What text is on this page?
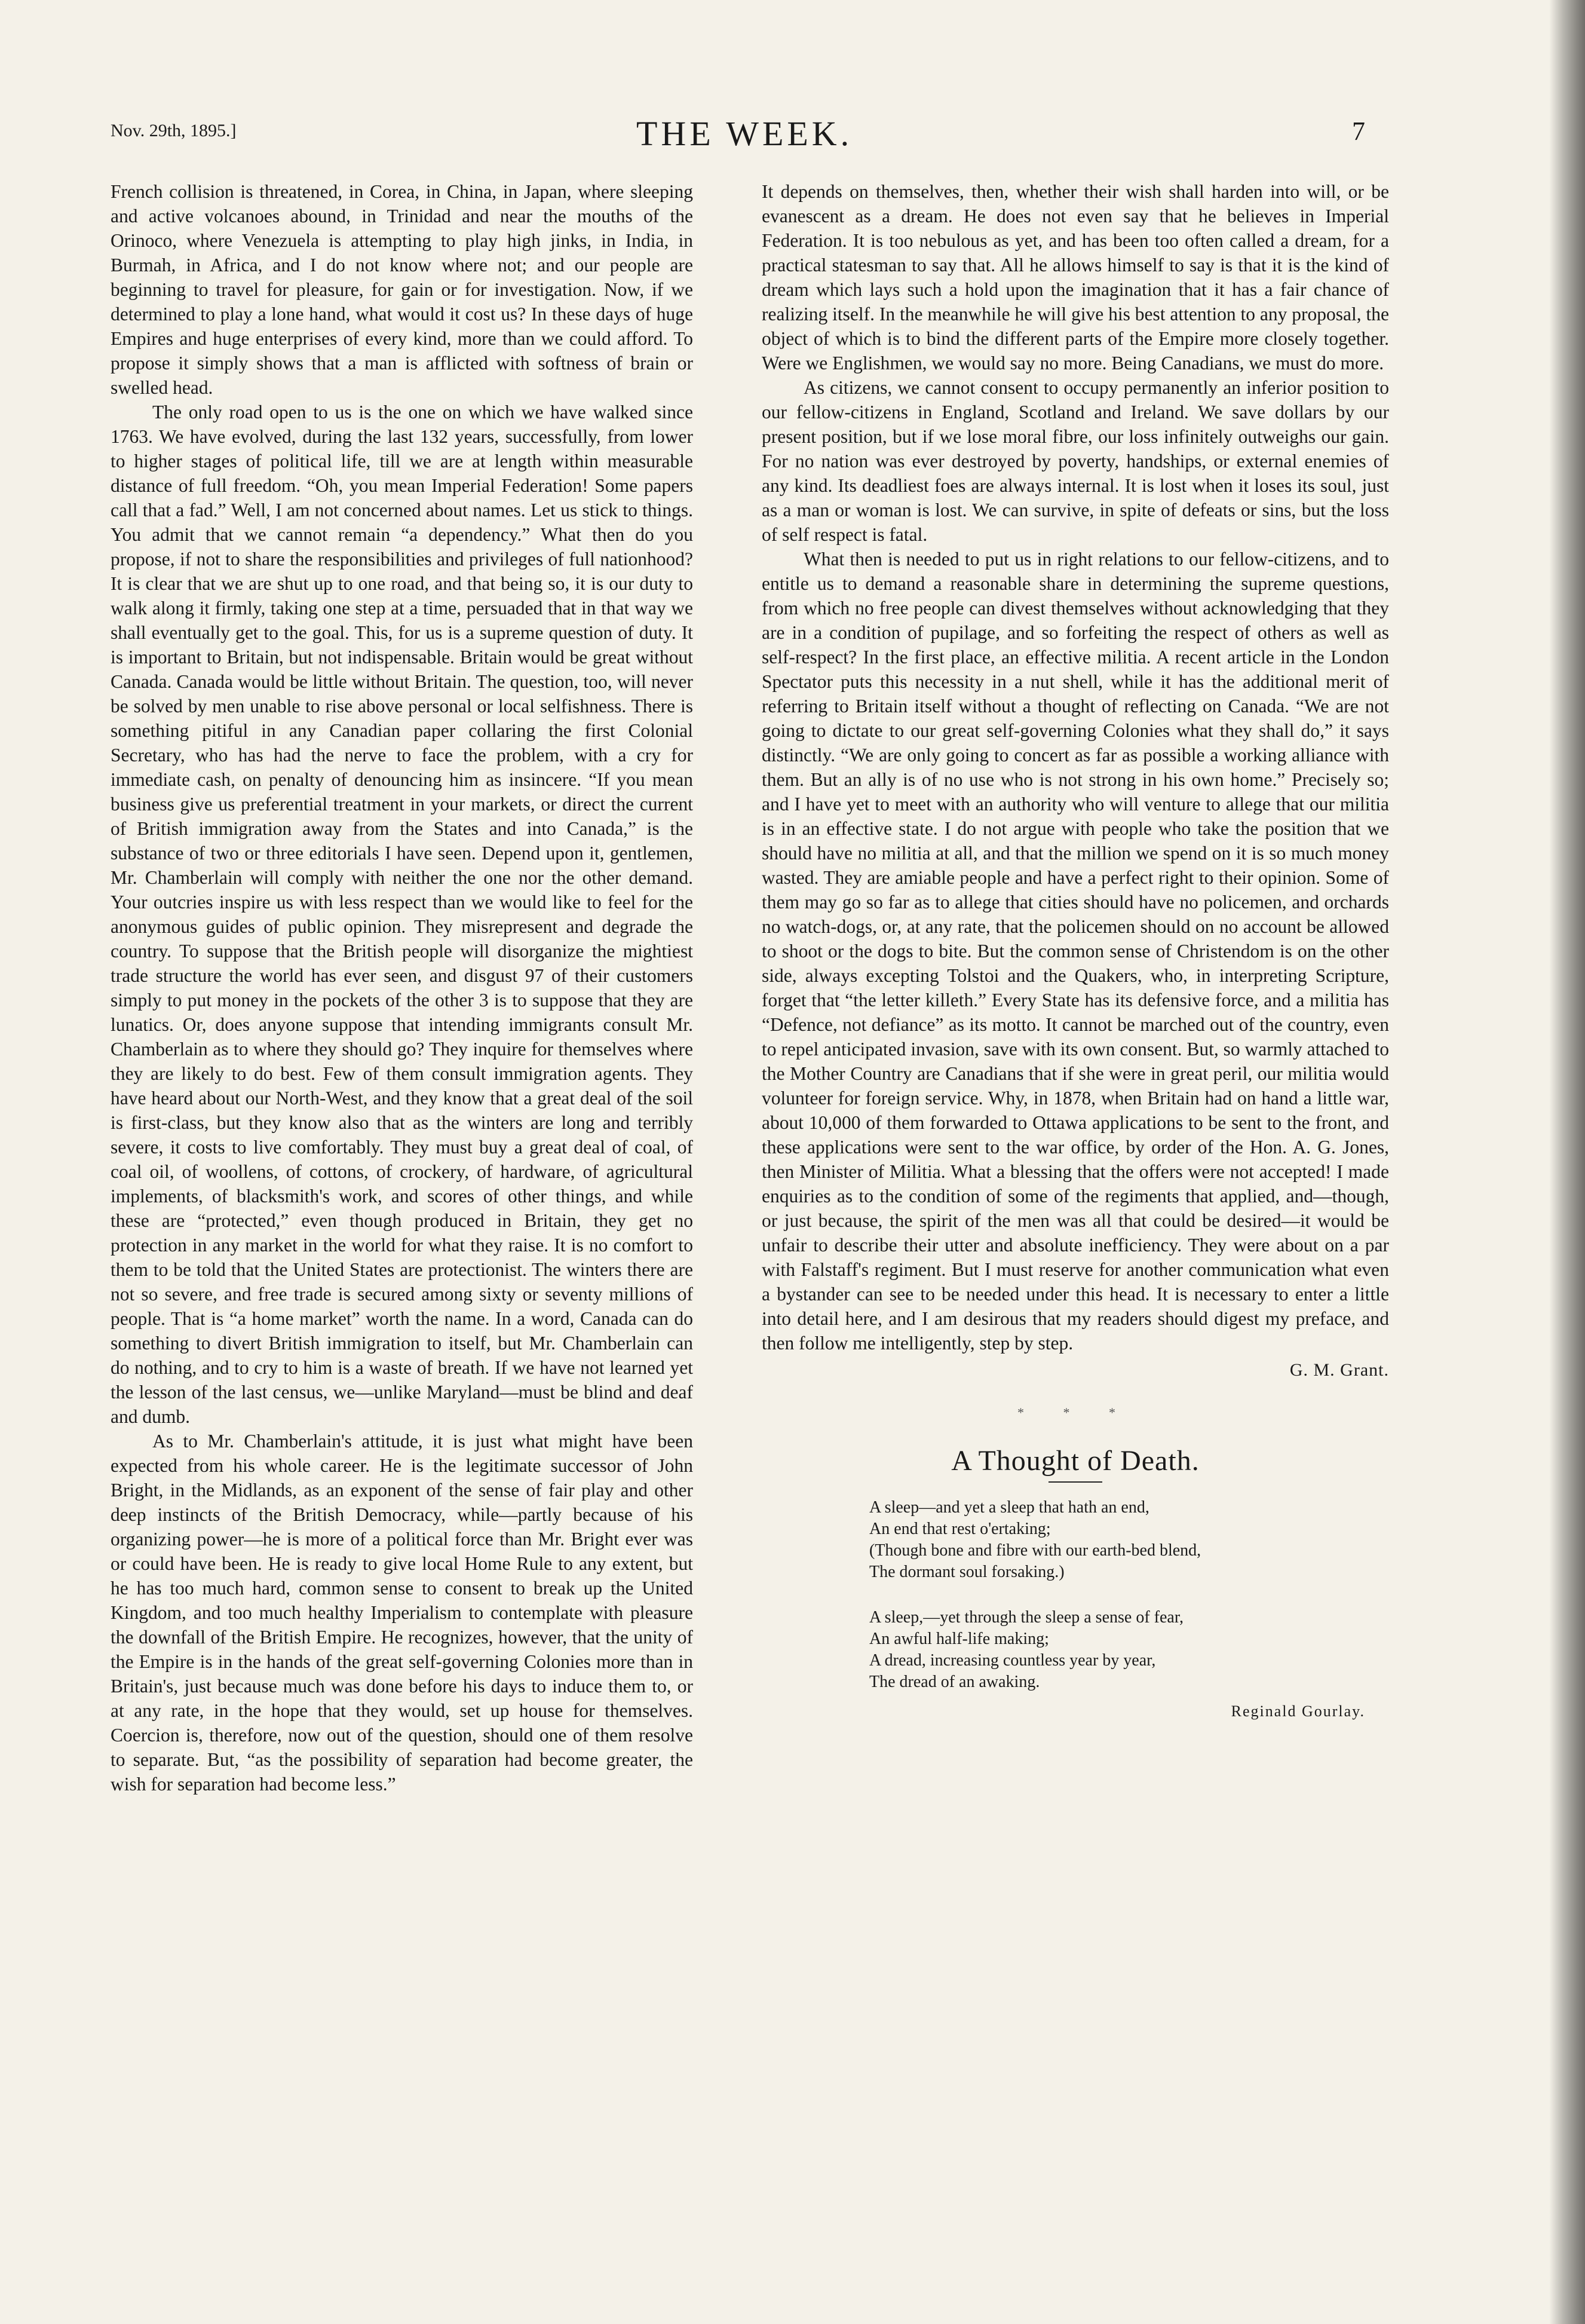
Nov. 29th, 1895.]	THE WEEK.	7

French collision is threatened, in Corea, in China, in Japan, where sleeping and active volcanoes abound, in Trinidad and near the mouths of the Orinoco, where Venezuela is attempting to play high jinks, in India, in Burmah, in Africa, and I do not know where not; and our people are beginning to travel for pleasure, for gain or for investigation. Now, if we determined to play a lone hand, what would it cost us? In these days of huge Empires and huge enterprises of every kind, more than we could afford. To propose it simply shows that a man is afflicted with softness of brain or swelled head.

The only road open to us is the one on which we have walked since 1763. We have evolved, during the last 132 years, successfully, from lower to higher stages of political life, till we are at length within measurable distance of full freedom. “Oh, you mean Imperial Federation! Some papers call that a fad.” Well, I am not concerned about names. Let us stick to things. You admit that we cannot remain “a dependency.” What then do you propose, if not to share the responsibilities and privileges of full nationhood? It is clear that we are shut up to one road, and that being so, it is our duty to walk along it firmly, taking one step at a time, persuaded that in that way we shall eventually get to the goal. This, for us is a supreme question of duty. It is important to Britain, but not indispensable. Britain would be great without Canada. Canada would be little without Britain. The question, too, will never be solved by men unable to rise above personal or local selfishness. There is something pitiful in any Canadian paper collaring the first Colonial Secretary, who has had the nerve to face the problem, with a cry for immediate cash, on penalty of denouncing him as insincere. “If you mean business give us preferential treatment in your markets, or direct the current of British immigration away from the States and into Canada,” is the substance of two or three editorials I have seen. Depend upon it, gentlemen, Mr. Chamberlain will comply with neither the one nor the other demand. Your outcries inspire us with less respect than we would like to feel for the anonymous guides of public opinion. They misrepresent and degrade the country. To suppose that the British people will disorganize the mightiest trade structure the world has ever seen, and disgust 97 of their customers simply to put money in the pockets of the other 3 is to suppose that they are lunatics. Or, does anyone suppose that intending immigrants consult Mr. Chamberlain as to where they should go? They inquire for themselves where they are likely to do best. Few of them consult immigration agents. They have heard about our North-West, and they know that a great deal of the soil is first-class, but they know also that as the winters are long and terribly severe, it costs to live comfortably. They must buy a great deal of coal, of coal oil, of woollens, of cottons, of crockery, of hardware, of agricultural implements, of blacksmith's work, and scores of other things, and while these are “protected,” even though produced in Britain, they get no protection in any market in the world for what they raise. It is no comfort to them to be told that the United States are protectionist. The winters there are not so severe, and free trade is secured among sixty or seventy millions of people. That is “a home market” worth the name. In a word, Canada can do something to divert British immigration to itself, but Mr. Chamberlain can do nothing, and to cry to him is a waste of breath. If we have not learned yet the lesson of the last census, we—unlike Maryland—must be blind and deaf and dumb.

As to Mr. Chamberlain's attitude, it is just what might have been expected from his whole career. He is the legitimate successor of John Bright, in the Midlands, as an exponent of the sense of fair play and other deep instincts of the British Democracy, while—partly because of his organizing power—he is more of a political force than Mr. Bright ever was or could have been. He is ready to give local Home Rule to any extent, but he has too much hard, common sense to consent to break up the United Kingdom, and too much healthy Imperialism to contemplate with pleasure the downfall of the British Empire. He recognizes, however, that the unity of the Empire is in the hands of the great self-governing Colonies more than in Britain's, just because much was done before his days to induce them to, or at any rate, in the hope that they would, set up house for themselves. Coercion is, therefore, now out of the question, should one of them resolve to separate. But, “as the possibility of separation had become greater, the wish for separation had become less.”

It depends on themselves, then, whether their wish shall harden into will, or be evanescent as a dream. He does not even say that he believes in Imperial Federation. It is too nebulous as yet, and has been too often called a dream, for a practical statesman to say that. All he allows himself to say is that it is the kind of dream which lays such a hold upon the imagination that it has a fair chance of realizing itself. In the meanwhile he will give his best attention to any proposal, the object of which is to bind the different parts of the Empire more closely together. Were we Englishmen, we would say no more. Being Canadians, we must do more.

As citizens, we cannot consent to occupy permanently an inferior position to our fellow-citizens in England, Scotland and Ireland. We save dollars by our present position, but if we lose moral fibre, our loss infinitely outweighs our gain. For no nation was ever destroyed by poverty, handships, or external enemies of any kind. Its deadliest foes are always internal. It is lost when it loses its soul, just as a man or woman is lost. We can survive, in spite of defeats or sins, but the loss of self respect is fatal.

What then is needed to put us in right relations to our fellow-citizens, and to entitle us to demand a reasonable share in determining the supreme questions, from which no free people can divest themselves without acknowledging that they are in a condition of pupilage, and so forfeiting the respect of others as well as self-respect? In the first place, an effective militia. A recent article in the London Spectator puts this necessity in a nut shell, while it has the additional merit of referring to Britain itself without a thought of reflecting on Canada. “We are not going to dictate to our great self-governing Colonies what they shall do,” it says distinctly. “We are only going to concert as far as possible a working alliance with them. But an ally is of no use who is not strong in his own home.” Precisely so; and I have yet to meet with an authority who will venture to allege that our militia is in an effective state. I do not argue with people who take the position that we should have no militia at all, and that the million we spend on it is so much money wasted. They are amiable people and have a perfect right to their opinion. Some of them may go so far as to allege that cities should have no policemen, and orchards no watch-dogs, or, at any rate, that the policemen should on no account be allowed to shoot or the dogs to bite. But the common sense of Christendom is on the other side, always excepting Tolstoi and the Quakers, who, in interpreting Scripture, forget that “the letter killeth.” Every State has its defensive force, and a militia has “Defence, not defiance” as its motto. It cannot be marched out of the country, even to repel anticipated invasion, save with its own consent. But, so warmly attached to the Mother Country are Canadians that if she were in great peril, our militia would volunteer for foreign service. Why, in 1878, when Britain had on hand a little war, about 10,000 of them forwarded to Ottawa applications to be sent to the front, and these applications were sent to the war office, by order of the Hon. A. G. Jones, then Minister of Militia. What a blessing that the offers were not accepted! I made enquiries as to the condition of some of the regiments that applied, and—though, or just because, the spirit of the men was all that could be desired—it would be unfair to describe their utter and absolute inefficiency. They were about on a par with Falstaff's regiment. But I must reserve for another communication what even a bystander can see to be needed under this head. It is necessary to enter a little into detail here, and I am desirous that my readers should digest my preface, and then follow me intelligently, step by step.

G. M. Grant.
* * *
A Thought of Death.
A sleep—and yet a sleep that hath an end,
An end that rest o'ertaking;
(Though bone and fibre with our earth-bed blend,
The dormant soul forsaking.)
A sleep,—yet through the sleep a sense of fear,
An awful half-life making;
A dread, increasing countless year by year,
The dread of an awaking.
Reginald Gourlay.
